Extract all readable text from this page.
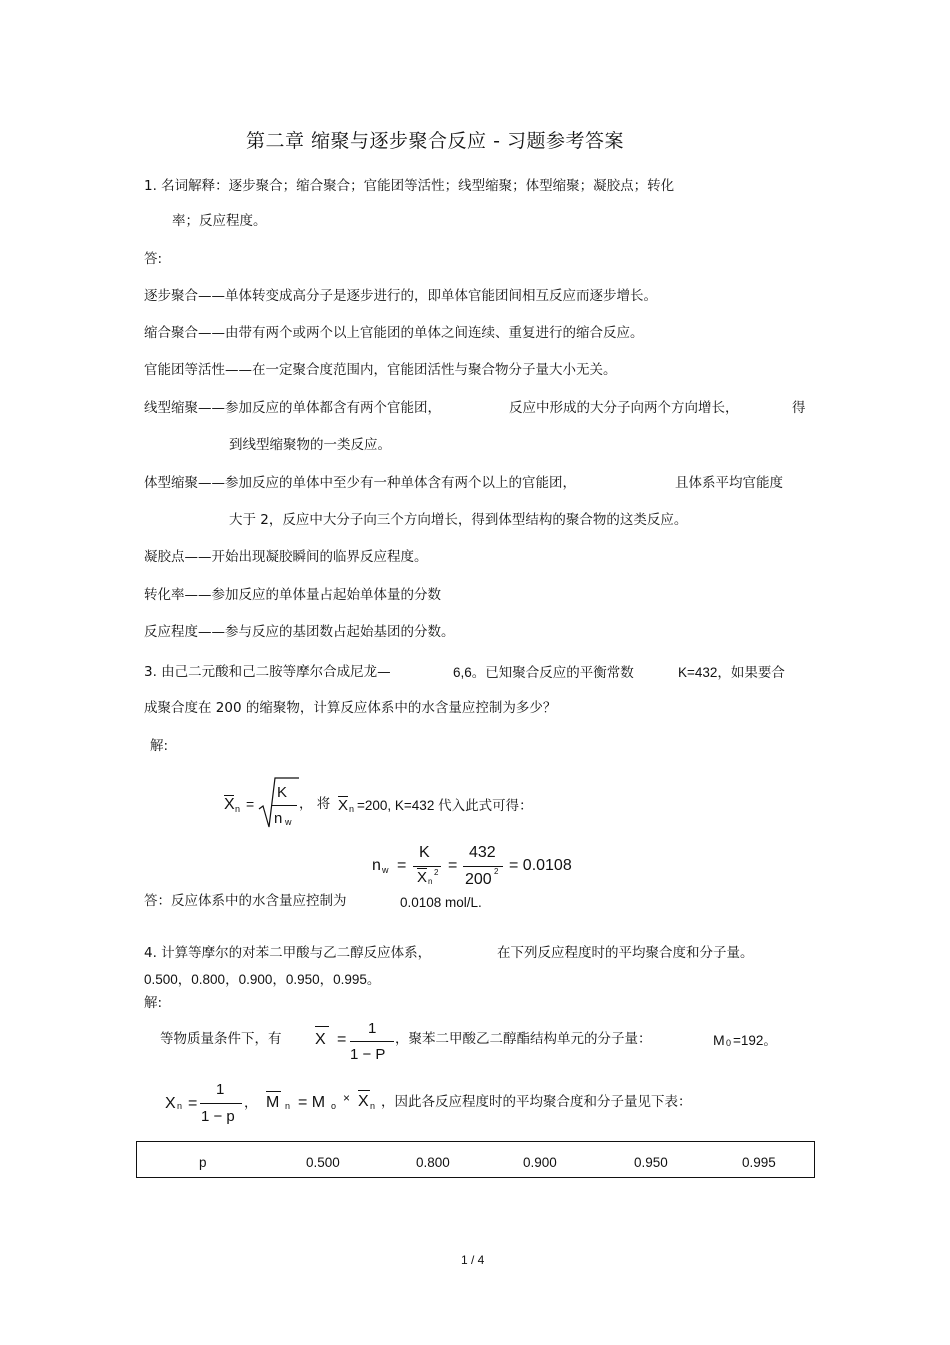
第二章 缩聚与逐步聚合反应 - 习题参考答案
1. 名词解释：逐步聚合；缩合聚合；官能团等活性；线型缩聚；体型缩聚；凝胶点；转化
率；反应程度。
答:
逐步聚合——单体转变成高分子是逐步进行的，即单体官能团间相互反应而逐步增长。
缩合聚合——由带有两个或两个以上官能团的单体之间连续、重复进行的缩合反应。
官能团等活性——在一定聚合度范围内，官能团活性与聚合物分子量大小无关。
线型缩聚——参加反应的单体都含有两个官能团，	反应中形成的大分子向两个方向增长，	得
到线型缩聚物的一类反应。
体型缩聚——参加反应的单体中至少有一种单体含有两个以上的官能团，	且体系平均官能度
大于 2，反应中大分子向三个方向增长，得到体型结构的聚合物的这类反应。
凝胶点——开始出现凝胶瞬间的临界反应程度。
转化率——参加反应的单体量占起始单体量的分数
反应程度——参与反应的基团数占起始基团的分数。
3. 由己二元酸和己二胺等摩尔合成尼龙—	6,6。已知聚合反应的平衡常数	K=432，如果要合
成聚合度在 200 的缩聚物，计算反应体系中的水含量应控制为多少？
解:
X n =
K
n w
， 将 X n =200, K=432 代入此式可得：
n w =
K
X n
2 =
432
200 2 = 0.0108
答：反应体系中的水含量应控制为	0.0108 mol/L.
4. 计算等摩尔的对苯二甲酸与乙二醇反应体系，	在下列反应程度时的平均聚合度和分子量。
0.500，0.800，0.900，0.950，0.995。
解:
等物质量条件下，有 X =
1
1 − P
，聚苯二甲酸乙二醇酯结构单元的分子量：	M 0 =192。
X n =
1
1 − p
， M n = M o
× X n ，因此各反应程度时的平均聚合度和分子量见下表：
p	0.500	0.800	0.900	0.950	0.995
1 / 4
